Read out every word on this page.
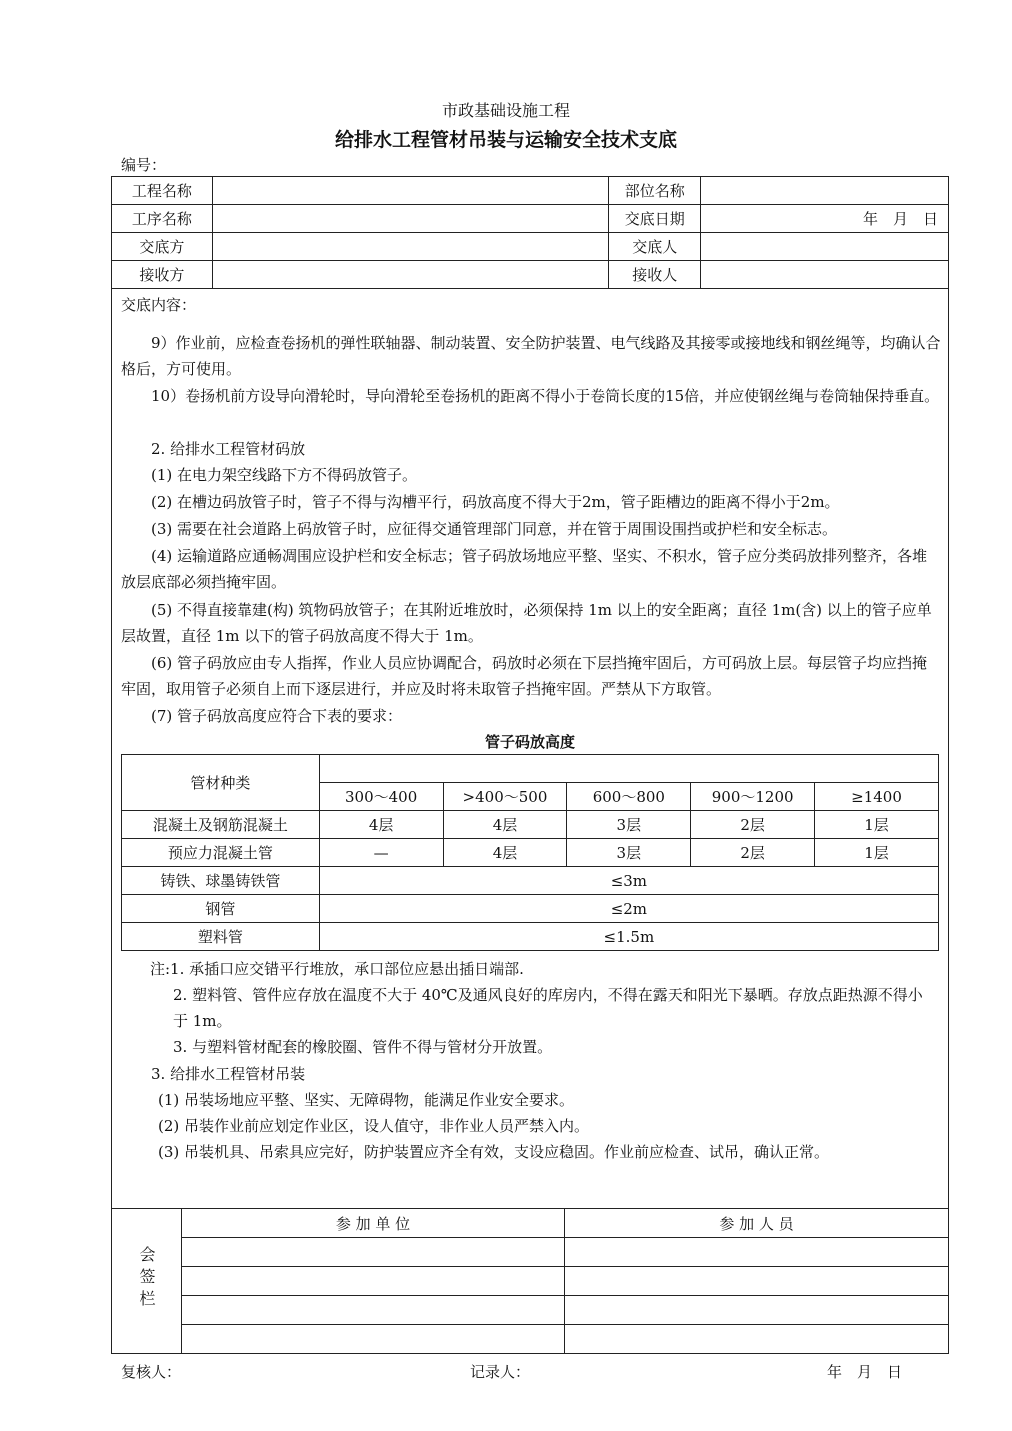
市政基础设施工程
给排水工程管材吊装与运输安全技术支底
编号：
工程名称		部位名称	
工序名称		交底日期	年　月　日
交底方		交底人	
接收方		接收人	
交底内容：
9）作业前，应检查卷扬机的弹性联轴器、制动装置、安全防护装置、电气线路及其接零或接地线和钢丝绳等，均确认合格后，方可使用。
10）卷扬机前方设导向滑轮时，导向滑轮至卷扬机的距离不得小于卷筒长度的15倍，并应使钢丝绳与卷筒轴保持垂直。
2. 给排水工程管材码放
(1) 在电力架空线路下方不得码放管子。
(2) 在槽边码放管子时，管子不得与沟槽平行，码放高度不得大于2m，管子距槽边的距离不得小于2m。
(3) 需要在社会道路上码放管子时，应征得交通管理部门同意，并在管于周围设围挡或护栏和安全标志。
(4) 运输道路应通畅凋围应设护栏和安全标志；管子码放场地应平整、坚实、不积水，管子应分类码放排列整齐，各堆放层底部必须挡掩牢固。
(5) 不得直接靠建(构) 筑物码放管子；在其附近堆放时，必须保持 1m 以上的安全距离；直径 1m(含) 以上的管子应单层故置，直径 1m 以下的管子码放高度不得大于 1m。
(6) 管子码放应由专人指挥，作业人员应协调配合，码放时必须在下层挡掩牢固后，方可码放上层。每层管子均应挡掩牢固，取用管子必须自上而下逐层进行，并应及时将未取管子挡掩牢固。严禁从下方取管。
(7) 管子码放高度应符合下表的要求：
管子码放高度
管材种类					
	300～400	>400～500	600～800	900～1200	≥1400
混凝土及钢筋混凝土	4层	4层	3层	2层	1层
预应力混凝土管	—	4层	3层	2层	1层
铸铁、球墨铸铁管	≤3m				
钢管	≤2m				
塑料管	≤1.5m				
注:1. 承插口应交错平行堆放，承口部位应悬出插日端部.
2. 塑料管、管件应存放在温度不大于 40℃及通风良好的库房内，不得在露天和阳光下暴晒。存放点距热源不得小于 1m。
3. 与塑料管材配套的橡胶圈、管件不得与管材分开放置。
3. 给排水工程管材吊装
(1) 吊装场地应平整、坚实、无障碍物，能满足作业安全要求。
(2) 吊装作业前应划定作业区，设人值守，非作业人员严禁入内。
(3) 吊装机具、吊索具应完好，防护装置应齐全有效，支设应稳固。作业前应检查、试吊，确认正常。
会签栏	参 加 单 位	参 加 人 员

复核人：	记录人：	年　月　日
